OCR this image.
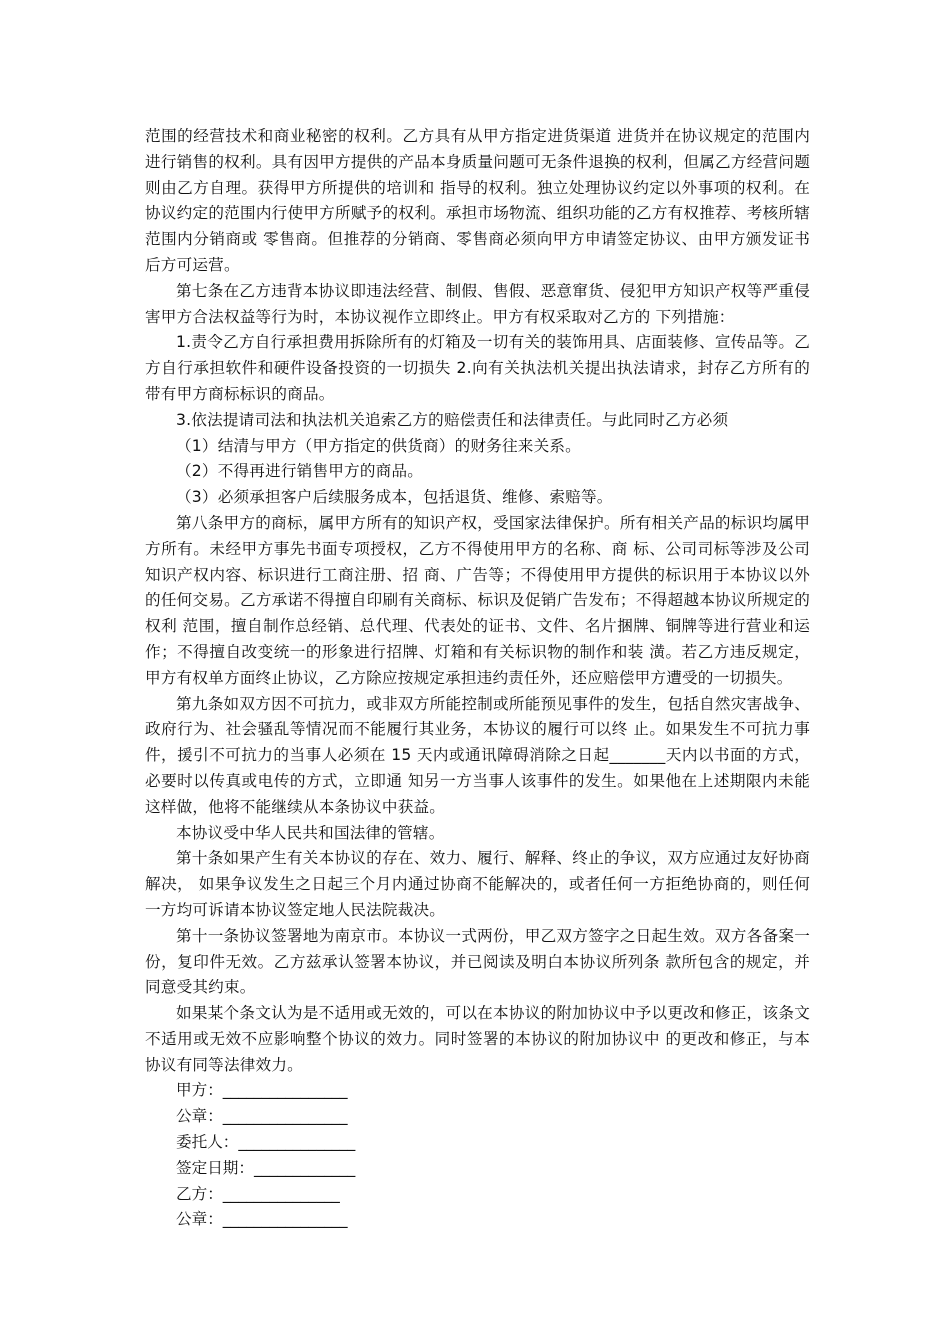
范围的经营技术和商业秘密的权利。乙方具有从甲方指定进货渠道 进货并在协议规定的范围内进行销售的权利。具有因甲方提供的产品本身质量问题可无条件退换的权利，但属乙方经营问题则由乙方自理。获得甲方所提供的培训和 指导的权利。独立处理协议约定以外事项的权利。在协议约定的范围内行使甲方所赋予的权利。承担市场物流、组织功能的乙方有权推荐、考核所辖范围内分销商或 零售商。但推荐的分销商、零售商必须向甲方申请签定协议、由甲方颁发证书后方可运营。

第七条在乙方违背本协议即违法经营、制假、售假、恶意窜货、侵犯甲方知识产权等严重侵害甲方合法权益等行为时，本协议视作立即终止。甲方有权采取对乙方的 下列措施：

1.责令乙方自行承担费用拆除所有的灯箱及一切有关的装饰用具、店面装修、宣传品等。乙方自行承担软件和硬件设备投资的一切损失 2.向有关执法机关提出执法请求，封存乙方所有的带有甲方商标标识的商品。

3.依法提请司法和执法机关追索乙方的赔偿责任和法律责任。与此同时乙方必须

（1）结清与甲方（甲方指定的供货商）的财务往来关系。

（2）不得再进行销售甲方的商品。

（3）必须承担客户后续服务成本，包括退货、维修、索赔等。

第八条甲方的商标，属甲方所有的知识产权，受国家法律保护。所有相关产品的标识均属甲方所有。未经甲方事先书面专项授权，乙方不得使用甲方的名称、商 标、公司司标等涉及公司知识产权内容、标识进行工商注册、招 商、广告等；不得使用甲方提供的标识用于本协议以外的任何交易。乙方承诺不得擅自印刷有关商标、标识及促销广告发布；不得超越本协议所规定的权利 范围，擅自制作总经销、总代理、代表处的证书、文件、名片捆牌、铜牌等进行营业和运作；不得擅自改变统一的形象进行招牌、灯箱和有关标识物的制作和装 潢。若乙方违反规定，甲方有权单方面终止协议，乙方除应按规定承担违约责任外，还应赔偿甲方遭受的一切损失。

第九条如双方因不可抗力，或非双方所能控制或所能预见事件的发生，包括自然灾害战争、政府行为、社会骚乱等情况而不能履行其业务，本协议的履行可以终 止。如果发生不可抗力事件，援引不可抗力的当事人必须在 15 天内或通讯障碍消除之日起_______天内以书面的方式，必要时以传真或电传的方式，立即通 知另一方当事人该事件的发生。如果他在上述期限内未能这样做，他将不能继续从本条协议中获益。

本协议受中华人民共和国法律的管辖。

第十条如果产生有关本协议的存在、效力、履行、解释、终止的争议，双方应通过友好协商解决， 如果争议发生之日起三个月内通过协商不能解决的，或者任何一方拒绝协商的，则任何一方均可诉请本协议签定地人民法院裁决。

第十一条协议签署地为南京市。本协议一式两份，甲乙双方签字之日起生效。双方各备案一份，复印件无效。乙方兹承认签署本协议，并已阅读及明白本协议所列条 款所包含的规定，并同意受其约束。

如果某个条文认为是不适用或无效的，可以在本协议的附加协议中予以更改和修正，该条文不适用或无效不应影响整个协议的效力。同时签署的本协议的附加协议中 的更改和修正，与本协议有同等法律效力。

甲方：________________

公章：________________

委托人：_______________

签定日期：_____________

乙方：_______________

公章：________________
